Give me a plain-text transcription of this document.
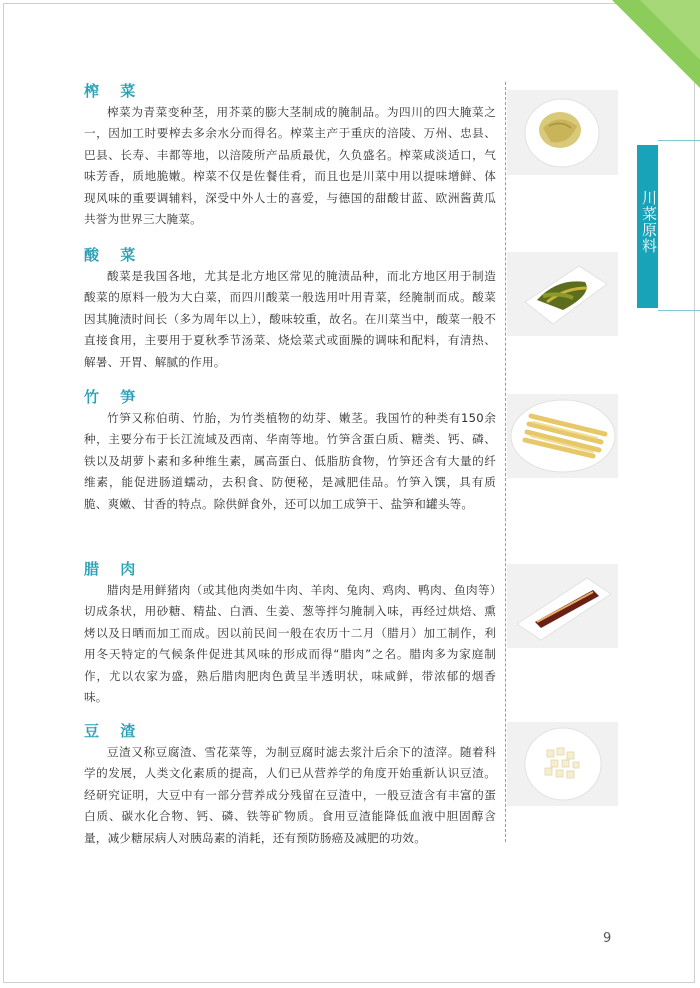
川菜原料
榨 菜

榨菜为青菜变种茎，用芥菜的膨大茎制成的腌制品。为四川的四大腌菜之一，因加工时要榨去多余水分而得名。榨菜主产于重庆的涪陵、万州、忠县、巴县、长寿、丰都等地，以涪陵所产品质最优，久负盛名。榨菜咸淡适口，气味芳香，质地脆嫩。榨菜不仅是佐餐佳肴，而且也是川菜中用以提味增鲜、体现风味的重要调辅料，深受中外人士的喜爱，与德国的甜酸甘蓝、欧洲酱黄瓜共誉为世界三大腌菜。

酸 菜

酸菜是我国各地，尤其是北方地区常见的腌渍品种，而北方地区用于制造酸菜的原料一般为大白菜，而四川酸菜一般选用叶用青菜，经腌制而成。酸菜因其腌渍时间长（多为周年以上），酸味较重，故名。在川菜当中，酸菜一般不直接食用，主要用于夏秋季节汤菜、烧烩菜式或面臊的调味和配料，有清热、解暑、开胃、解腻的作用。

竹 笋

竹笋又称伯萌、竹胎，为竹类植物的幼芽、嫩茎。我国竹的种类有150余种，主要分布于长江流域及西南、华南等地。竹笋含蛋白质、糖类、钙、磷、铁以及胡萝卜素和多种维生素，属高蛋白、低脂肪食物，竹笋还含有大量的纤维素，能促进肠道蠕动，去积食、防便秘，是减肥佳品。竹笋入馔，具有质脆、爽嫩、甘香的特点。除供鲜食外，还可以加工成笋干、盐笋和罐头等。

腊 肉

腊肉是用鲜猪肉（或其他肉类如牛肉、羊肉、兔肉、鸡肉、鸭肉、鱼肉等）切成条状，用砂糖、精盐、白酒、生姜、葱等拌匀腌制入味，再经过烘焙、熏烤以及日晒而加工而成。因以前民间一般在农历十二月（腊月）加工制作，利用冬天特定的气候条件促进其风味的形成而得“腊肉”之名。腊肉多为家庭制作，尤以农家为盛，熟后腊肉肥肉色黄呈半透明状，味咸鲜，带浓郁的烟香味。

豆 渣

豆渣又称豆腐渣、雪花菜等，为制豆腐时滤去浆汁后余下的渣滓。随着科学的发展，人类文化素质的提高，人们已从营养学的角度开始重新认识豆渣。经研究证明，大豆中有一部分营养成分残留在豆渣中，一般豆渣含有丰富的蛋白质、碳水化合物、钙、磷、铁等矿物质。食用豆渣能降低血液中胆固醇含量，减少糖尿病人对胰岛素的消耗，还有预防肠癌及减肥的功效。

9
